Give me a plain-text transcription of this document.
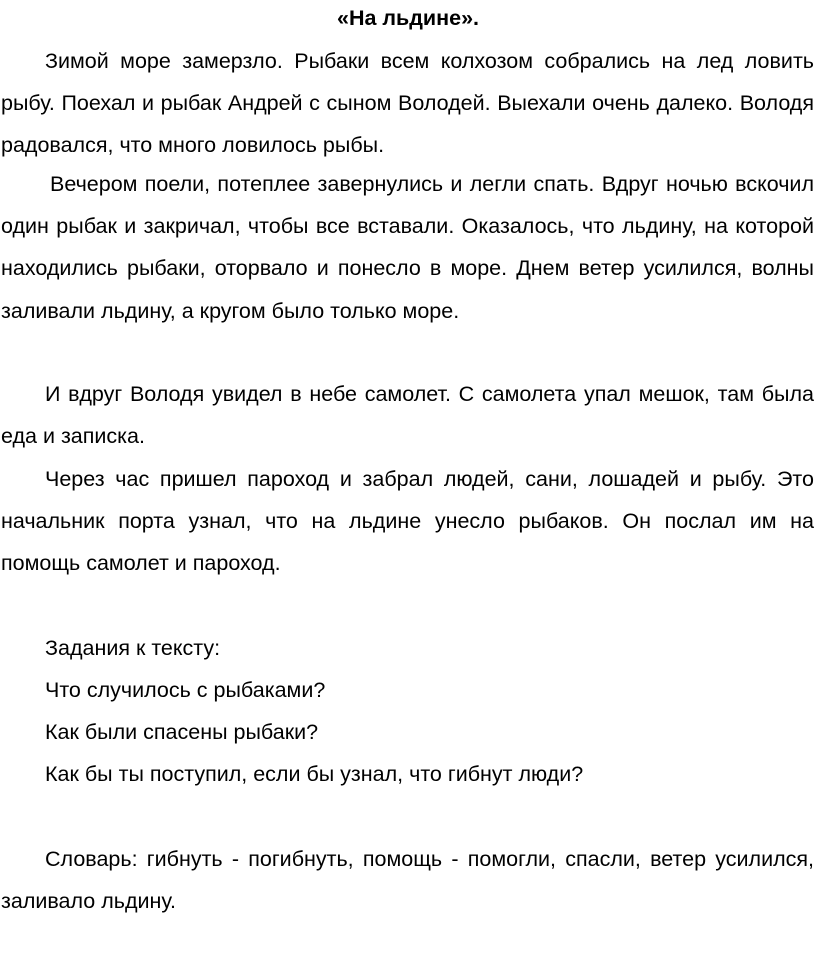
«На льдине».

Зимой море замерзло. Рыбаки всем колхозом собрались на лед ловить рыбу. Поехал и рыбак Андрей с сыном Володей. Выехали очень далеко. Володя радовался, что много ловилось рыбы.

Вечером поели, потеплее завернулись и легли спать. Вдруг ночью вскочил один рыбак и закричал, чтобы все вставали. Оказалось, что льдину, на которой находились рыбаки, оторвало и понесло в море. Днем ветер усилился, волны заливали льдину, а кругом было только море.

И вдруг Володя увидел в небе самолет. С самолета упал мешок, там была еда и записка.

Через час пришел пароход и забрал людей, сани, лошадей и рыбу. Это начальник порта узнал, что на льдине унесло рыбаков. Он послал им на помощь самолет и пароход.

Задания к тексту:

Что случилось с рыбаками?

Как были спасены рыбаки?

Как бы ты поступил, если бы узнал, что гибнут люди?

Словарь: гибнуть - погибнуть, помощь - помогли, спасли, ветер усилился, заливало льдину.
